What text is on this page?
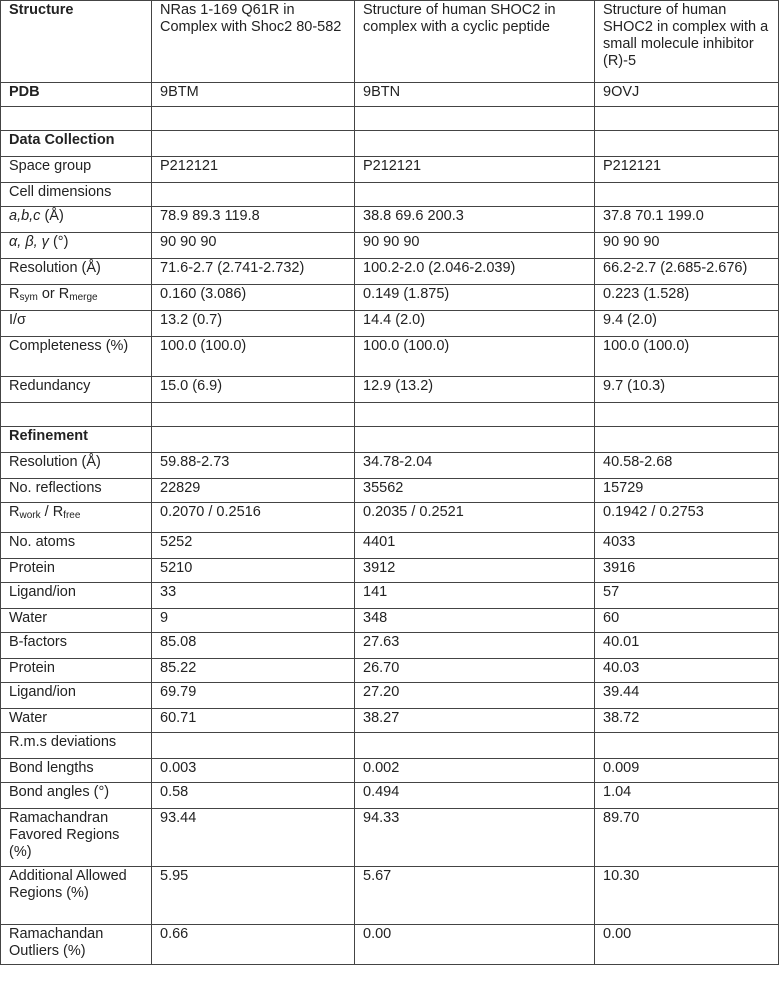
Structure	NRas 1-169 Q61R in Complex with Shoc2 80-582	Structure of human SHOC2 in complex with a cyclic peptide	Structure of human SHOC2 in complex with a small molecule inhibitor (R)-5
PDB	9BTM	9BTN	9OVJ

Data Collection			
Space group	P212121	P212121	P212121
Cell dimensions			
a,b,c (Å)	78.9 89.3 119.8	38.8 69.6 200.3	37.8 70.1 199.0
α, β, γ (°)	90 90 90	90 90 90	90 90 90
Resolution (Å)	71.6-2.7 (2.741-2.732)	100.2-2.0 (2.046-2.039)	66.2-2.7 (2.685-2.676)
$R_{sym}$ or $R_{merge}$	0.160 (3.086)	0.149 (1.875)	0.223 (1.528)
I/σ	13.2 (0.7)	14.4 (2.0)	9.4 (2.0)
Completeness (%)	100.0 (100.0)	100.0 (100.0)	100.0 (100.0)
Redundancy	15.0 (6.9)	12.9 (13.2)	9.7 (10.3)

Refinement			
Resolution (Å)	59.88-2.73	34.78-2.04	40.58-2.68
No. reflections	22829	35562	15729
$R_{work} / R_{free}$	0.2070 / 0.2516	0.2035 / 0.2521	0.1942 / 0.2753
No. atoms	5252	4401	4033
Protein	5210	3912	3916
Ligand/ion	33	141	57
Water	9	348	60
B-factors	85.08	27.63	40.01
Protein	85.22	26.70	40.03
Ligand/ion	69.79	27.20	39.44
Water	60.71	38.27	38.72
R.m.s deviations			
Bond lengths	0.003	0.002	0.009
Bond angles (°)	0.58	0.494	1.04
Ramachandran Favored Regions (%)	93.44	94.33	89.70
Additional Allowed Regions (%)	5.95	5.67	10.30
Ramachandan Outliers (%)	0.66	0.00	0.00
